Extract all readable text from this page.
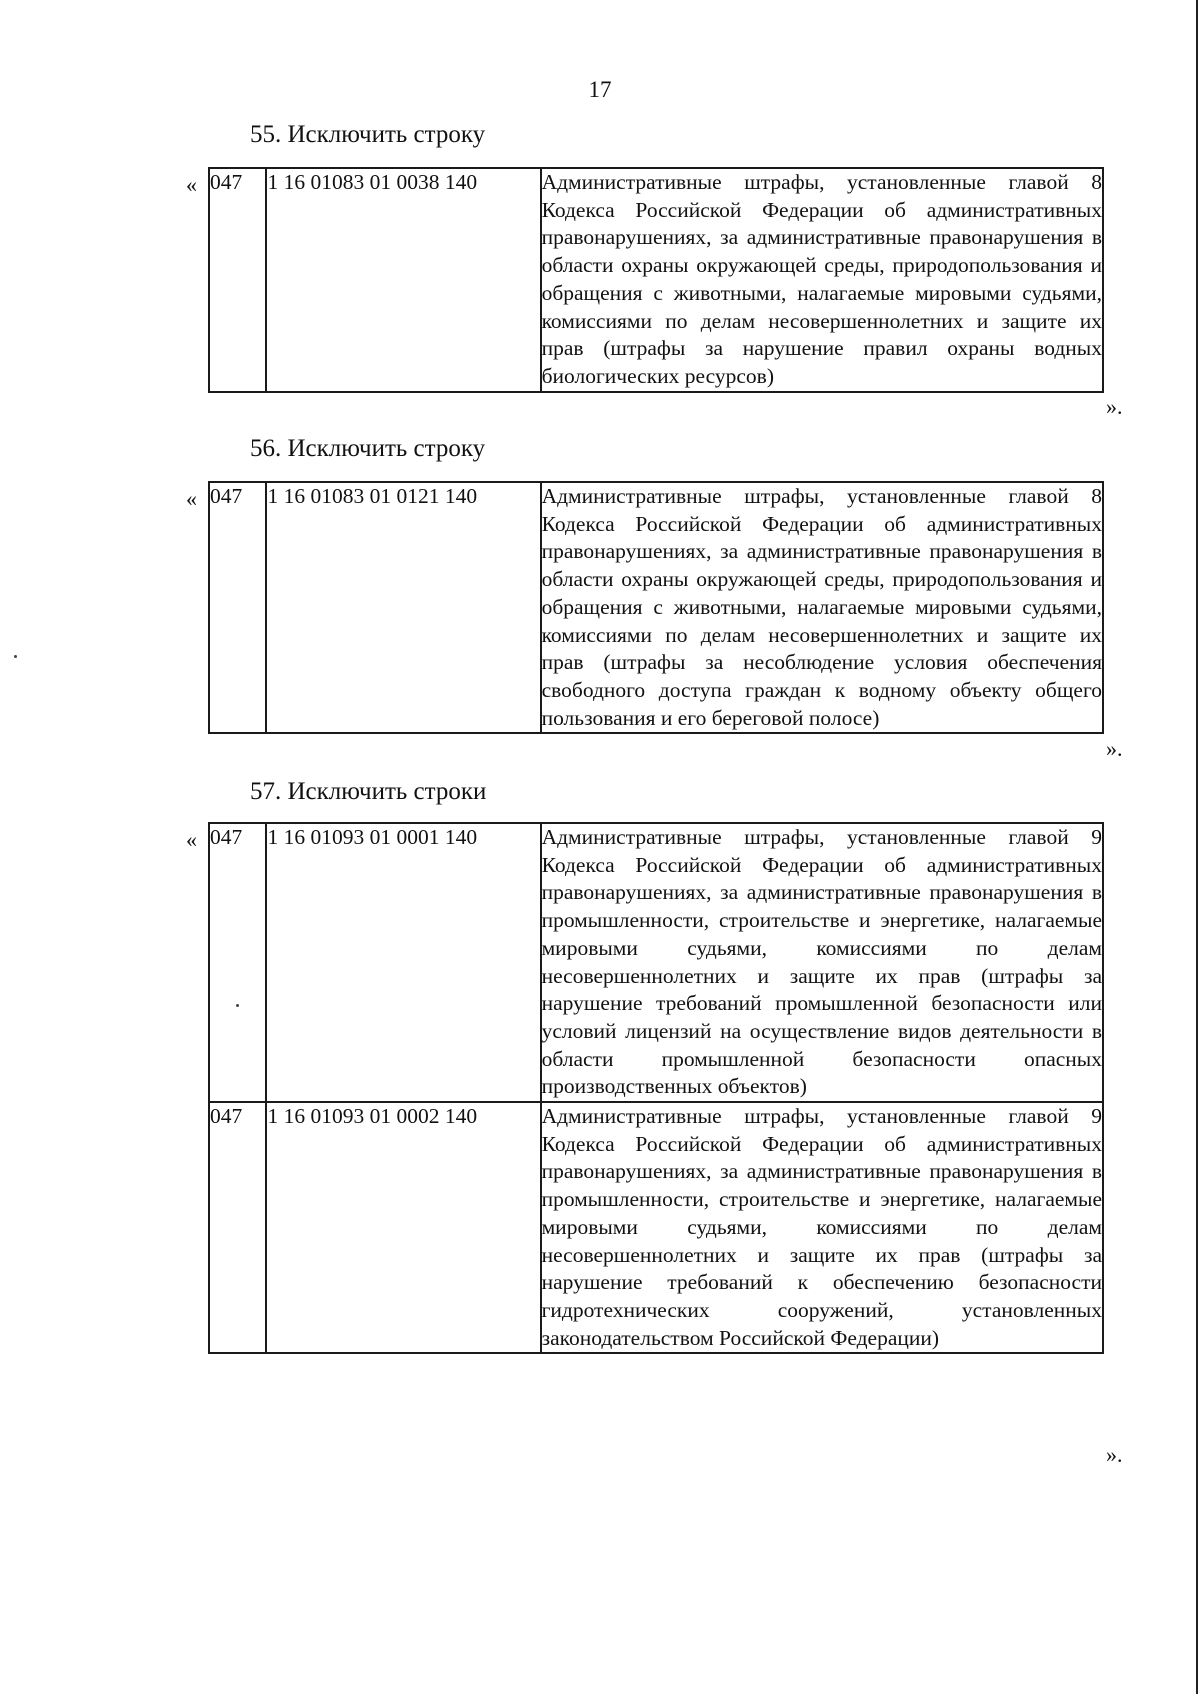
17
55. Исключить строку
« 047	1 16 01083 01 0038 140	Административные штрафы, установленные главой 8 Кодекса Российской Федерации об административных правонарушениях, за административные правонарушения в области охраны окружающей среды, природопользования и обращения с животными, налагаемые мировыми судьями, комиссиями по делам несовершеннолетних и защите их прав (штрафы за нарушение правил охраны водных биологических ресурсов)
».
56. Исключить строку
« 047	1 16 01083 01 0121 140	Административные штрафы, установленные главой 8 Кодекса Российской Федерации об административных правонарушениях, за административные правонарушения в области охраны окружающей среды, природопользования и обращения с животными, налагаемые мировыми судьями, комиссиями по делам несовершеннолетних и защите их прав (штрафы за несоблюдение условия обеспечения свободного доступа граждан к водному объекту общего пользования и его береговой полосе)
».
57. Исключить строки
« 047	1 16 01093 01 0001 140	Административные штрафы, установленные главой 9 Кодекса Российской Федерации об административных правонарушениях, за административные правонарушения в промышленности, строительстве и энергетике, налагаемые мировыми судьями, комиссиями по делам несовершеннолетних и защите их прав (штрафы за нарушение требований промышленной безопасности или условий лицензий на осуществление видов деятельности в области промышленной безопасности опасных производственных объектов)

047	1 16 01093 01 0002 140	Административные штрафы, установленные главой 9 Кодекса Российской Федерации об административных правонарушениях, за административные правонарушения в промышленности, строительстве и энергетике, налагаемые мировыми судьями, комиссиями по делам несовершеннолетних и защите их прав (штрафы за нарушение требований к обеспечению безопасности гидротехнических сооружений, установленных законодательством Российской Федерации)
».
